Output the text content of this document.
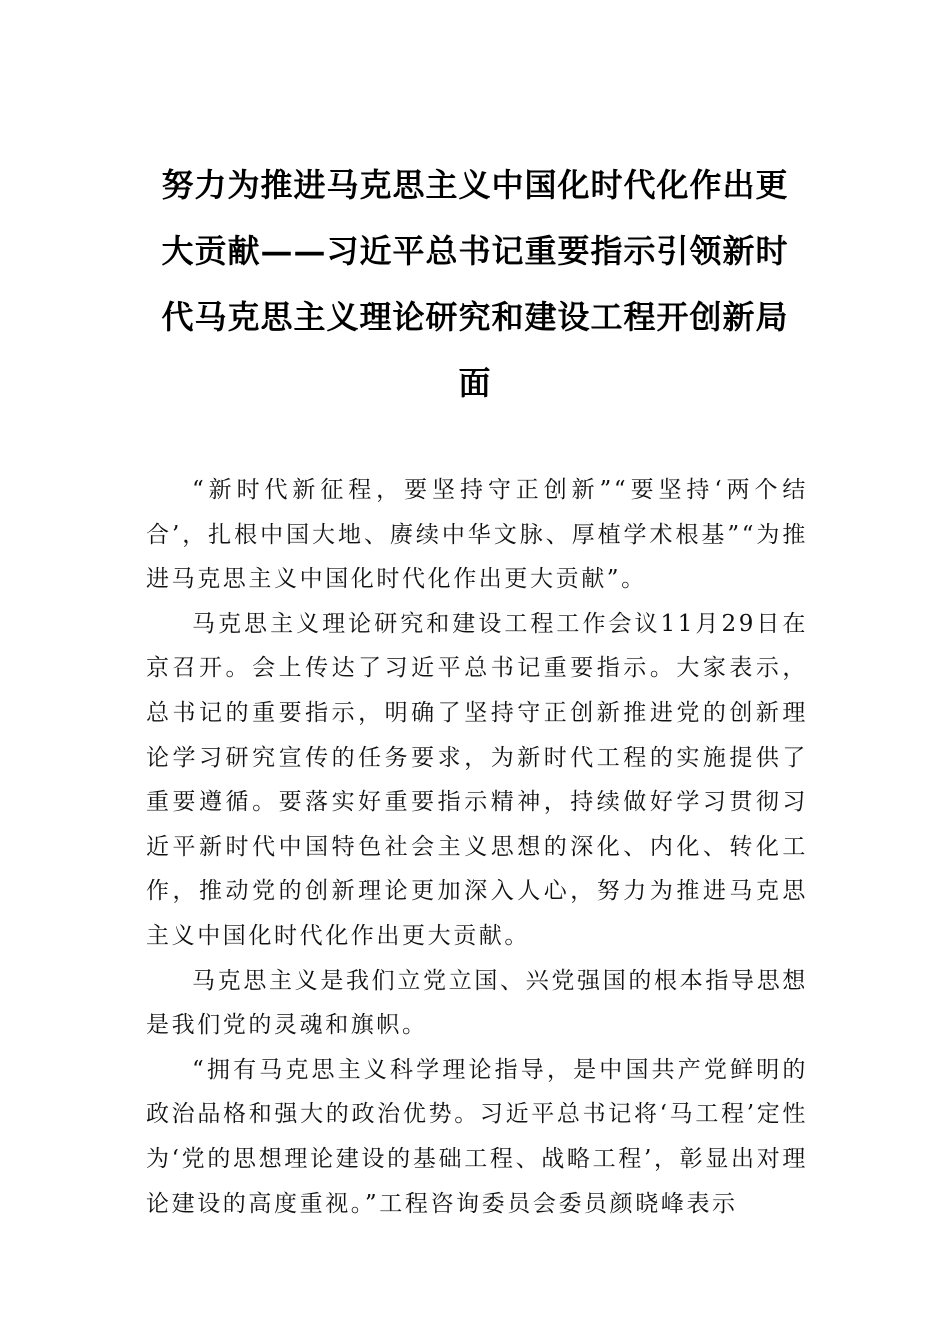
努力为推进马克思主义中国化时代化作出更大贡献——习近平总书记重要指示引领新时代马克思主义理论研究和建设工程开创新局面

“新时代新征程，要坚持守正创新”“要坚持‘两个结合’，扎根中国大地、赓续中华文脉、厚植学术根基”“为推进马克思主义中国化时代化作出更大贡献”。

马克思主义理论研究和建设工程工作会议11月29日在京召开。会上传达了习近平总书记重要指示。大家表示，总书记的重要指示，明确了坚持守正创新推进党的创新理论学习研究宣传的任务要求，为新时代工程的实施提供了重要遵循。要落实好重要指示精神，持续做好学习贯彻习近平新时代中国特色社会主义思想的深化、内化、转化工作，推动党的创新理论更加深入人心，努力为推进马克思主义中国化时代化作出更大贡献。

马克思主义是我们立党立国、兴党强国的根本指导思想是我们党的灵魂和旗帜。

“拥有马克思主义科学理论指导，是中国共产党鲜明的政治品格和强大的政治优势。习近平总书记将‘马工程’定性为‘党的思想理论建设的基础工程、战略工程’，彰显出对理论建设的高度重视。”工程咨询委员会委员颜晓峰表示
